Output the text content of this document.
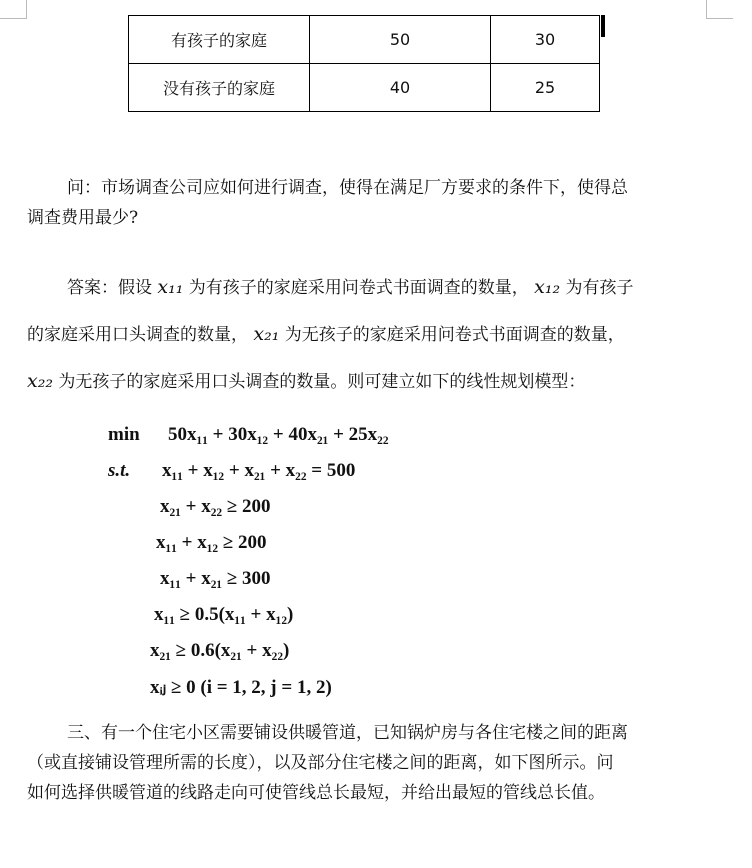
有孩子的家庭	50	30
没有孩子的家庭	40	25
问：市场调查公司应如何进行调查，使得在满足厂方要求的条件下，使得总
调查费用最少?
答案：假设 x₁₁ 为有孩子的家庭采用问卷式书面调查的数量， x₁₂ 为有孩子
的家庭采用口头调查的数量， x₂₁ 为无孩子的家庭采用问卷式书面调查的数量，
x₂₂ 为无孩子的家庭采用口头调查的数量。则可建立如下的线性规划模型：
min 50x₁₁ + 30x₁₂ + 40x₂₁ + 25x₂₂
s.t. x₁₁ + x₁₂ + x₂₁ + x₂₂ = 500
x₂₁ + x₂₂ ≥ 200
x₁₁ + x₁₂ ≥ 200
x₁₁ + x₂₁ ≥ 300
x₁₁ ≥ 0.5(x₁₁ + x₁₂)
x₂₁ ≥ 0.6(x₂₁ + x₂₂)
xᵢⱼ ≥ 0 (i = 1, 2, j = 1, 2)
三、有一个住宅小区需要铺设供暖管道，已知锅炉房与各住宅楼之间的距离
（或直接铺设管理所需的长度），以及部分住宅楼之间的距离，如下图所示。问
如何选择供暖管道的线路走向可使管线总长最短，并给出最短的管线总长值。
